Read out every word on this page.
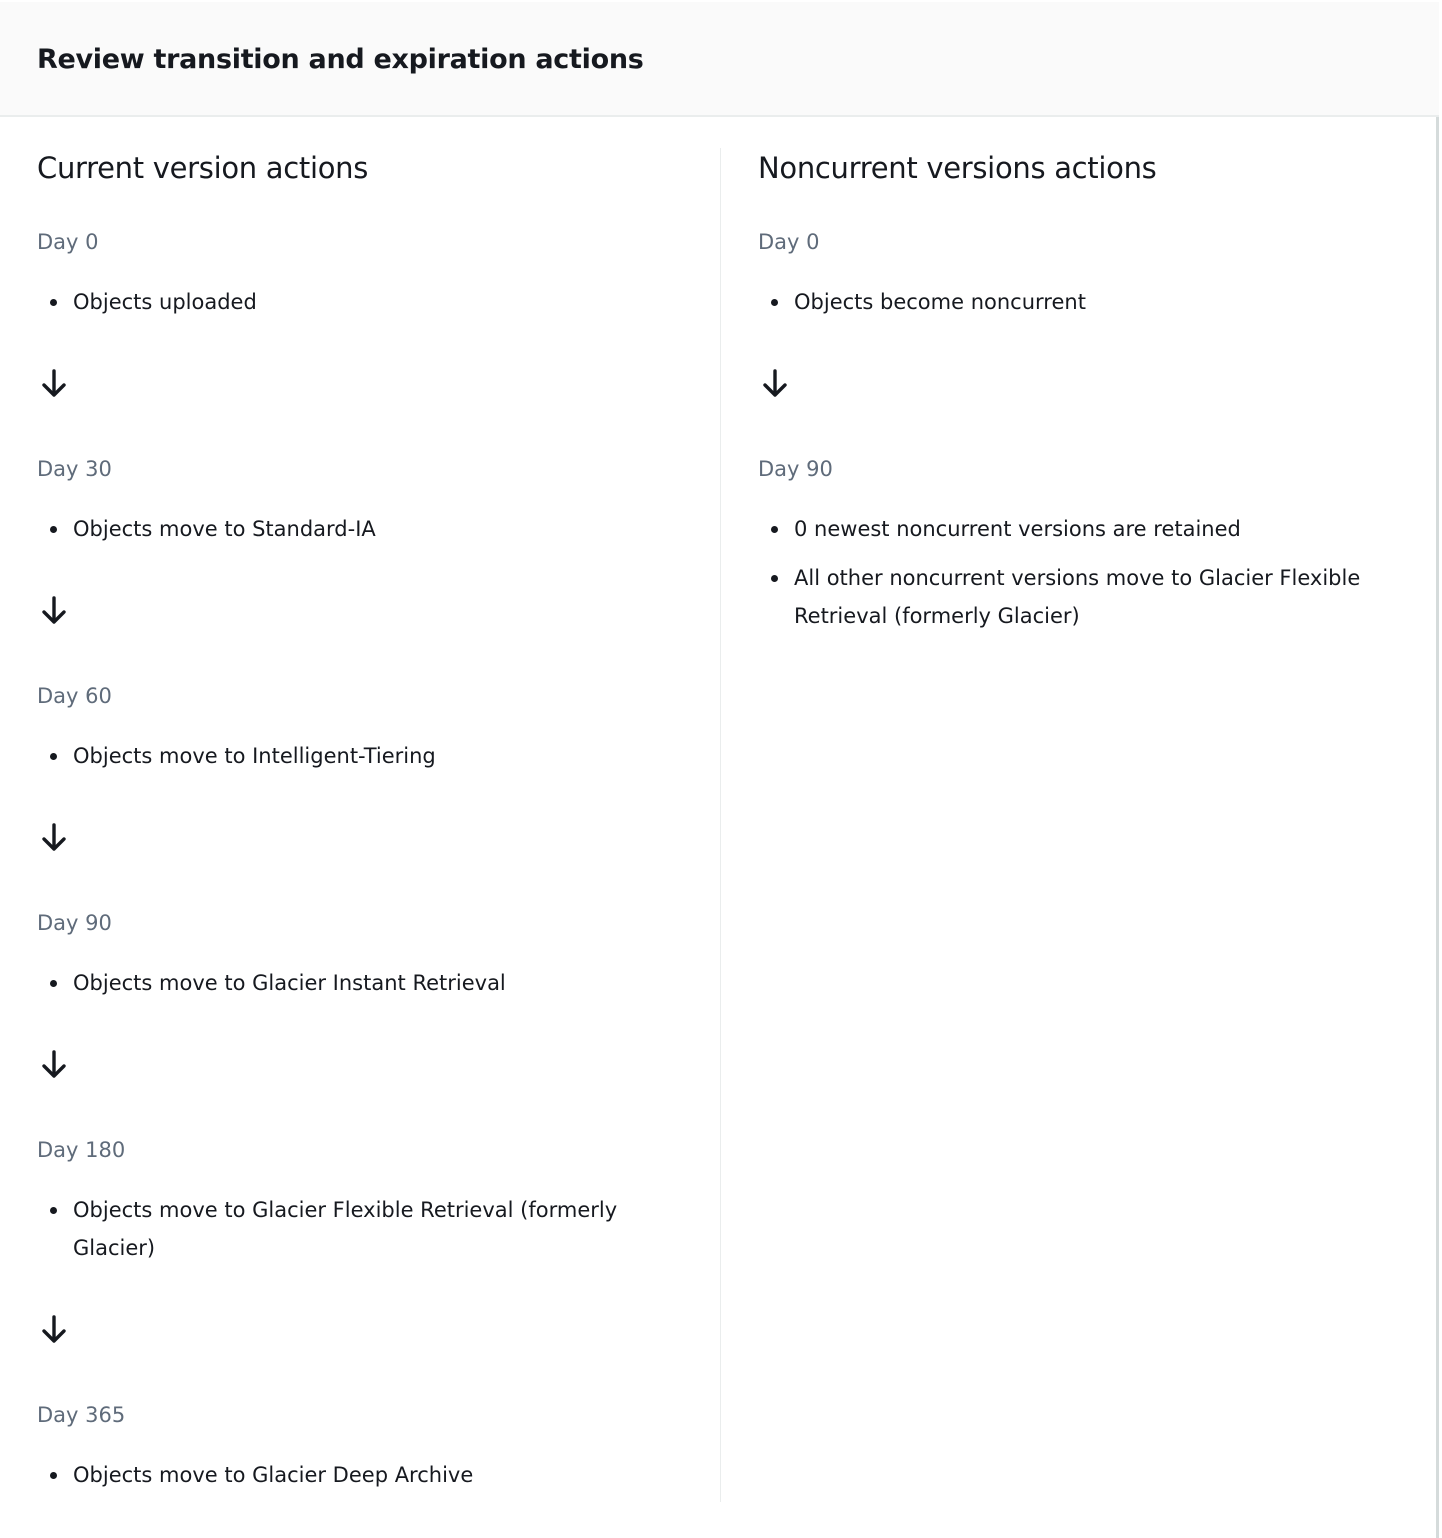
Review transition and expiration actions
Current version actions
Day 0
Objects uploaded
Day 30
Objects move to Standard-IA
Day 60
Objects move to Intelligent-Tiering
Day 90
Objects move to Glacier Instant Retrieval
Day 180
Objects move to Glacier Flexible Retrieval (formerly Glacier)
Day 365
Objects move to Glacier Deep Archive
Noncurrent versions actions
Day 0
Objects become noncurrent
Day 90
0 newest noncurrent versions are retained
All other noncurrent versions move to Glacier Flexible Retrieval (formerly Glacier)
